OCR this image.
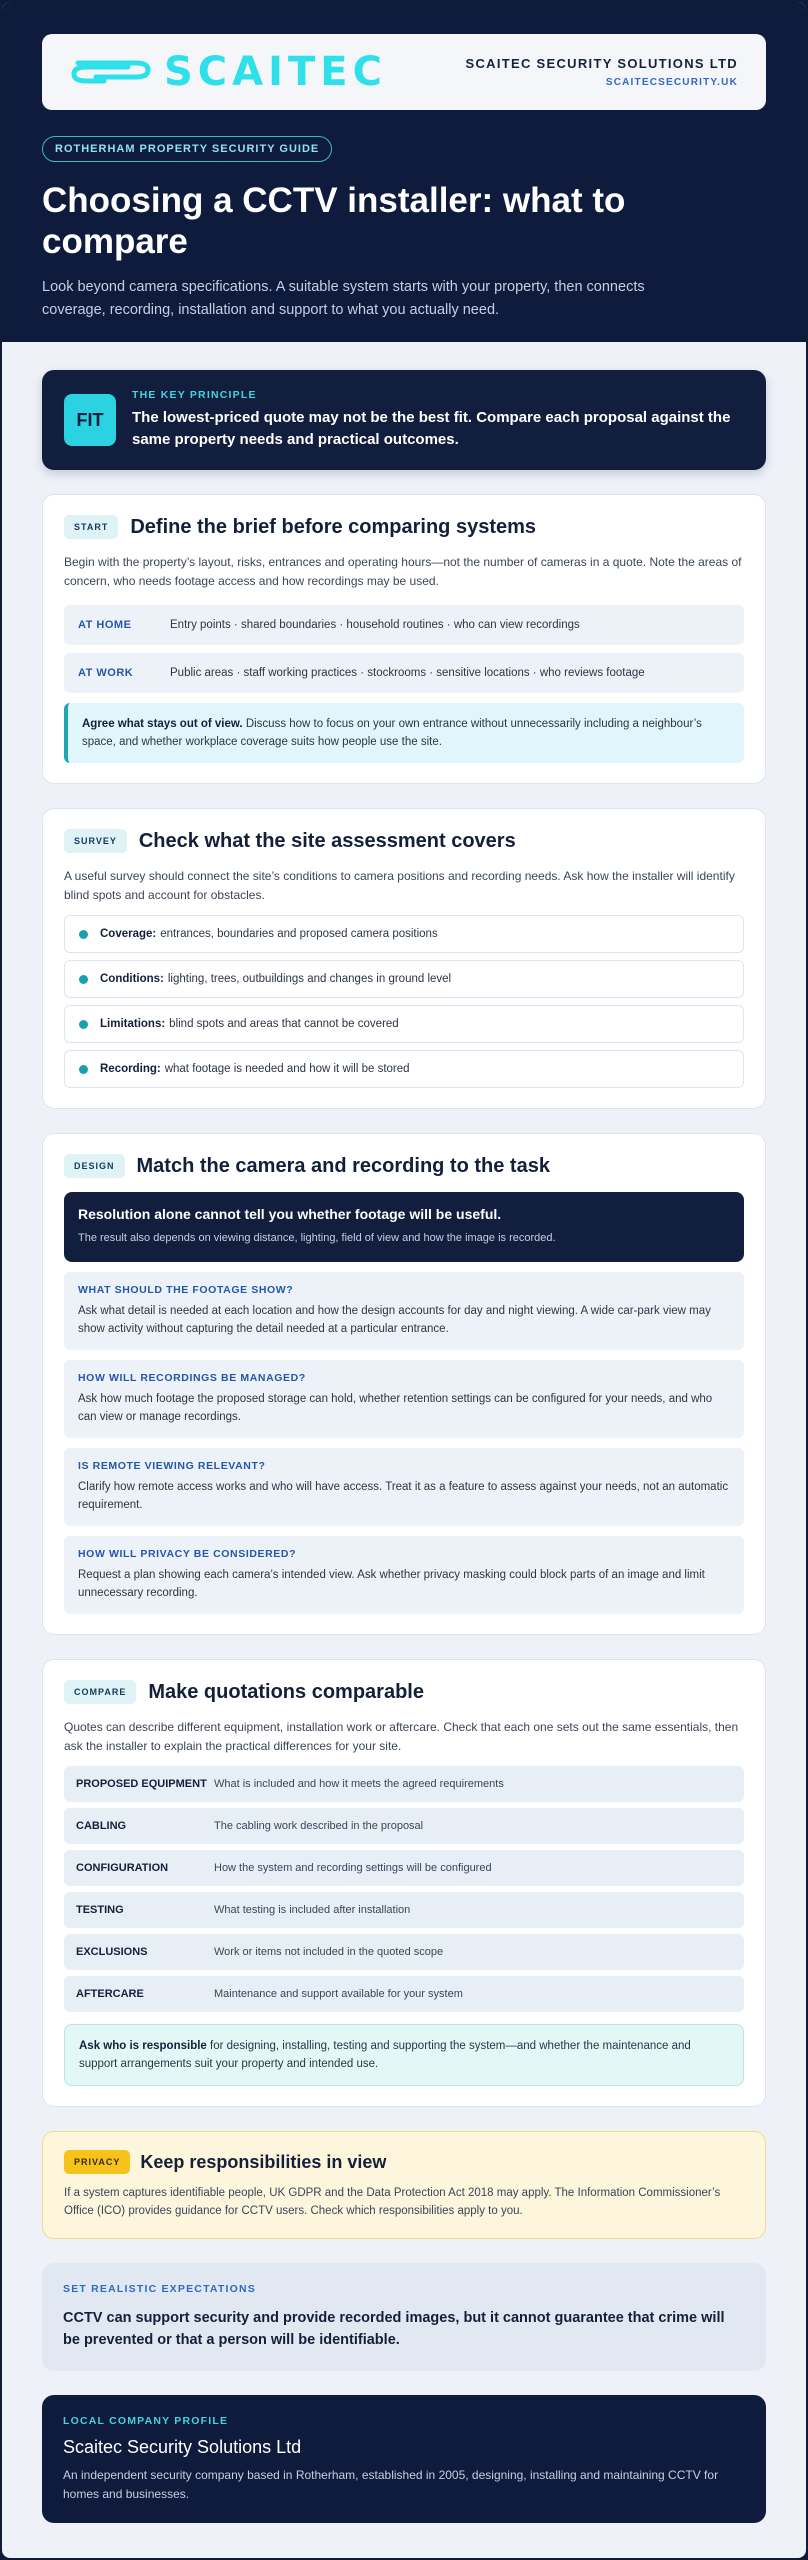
SCAITEC	SCAITEC SECURITY SOLUTIONS LTD
SCAITECSECURITY.UK
ROTHERHAM PROPERTY SECURITY GUIDE
Choosing a CCTV installer: what to compare

Look beyond camera specifications. A suitable system starts with your property, then connects coverage, recording, installation and support to what you actually need.

FIT
THE KEY PRINCIPLE
The lowest-priced quote may not be the best fit. Compare each proposal against the same property needs and practical outcomes.
START	Define the brief before comparing systems

Begin with the property’s layout, risks, entrances and operating hours—not the number of cameras in a quote. Note the areas of concern, who needs footage access and how recordings may be used.

AT HOME	Entry points · shared boundaries · household routines · who can view recordings
AT WORK	Public areas · staff working practices · stockrooms · sensitive locations · who reviews footage
Agree what stays out of view. Discuss how to focus on your own entrance without unnecessarily including a neighbour’s space, and whether workplace coverage suits how people use the site.
SURVEY	Check what the site assessment covers

A useful survey should connect the site’s conditions to camera positions and recording needs. Ask how the installer will identify blind spots and account for obstacles.

Coverage: entrances, boundaries and proposed camera positions
Conditions: lighting, trees, outbuildings and changes in ground level
Limitations: blind spots and areas that cannot be covered
Recording: what footage is needed and how it will be stored
DESIGN	Match the camera and recording to the task
Resolution alone cannot tell you whether footage will be useful.
The result also depends on viewing distance, lighting, field of view and how the image is recorded.
WHAT SHOULD THE FOOTAGE SHOW?
Ask what detail is needed at each location and how the design accounts for day and night viewing. A wide car-park view may show activity without capturing the detail needed at a particular entrance.
HOW WILL RECORDINGS BE MANAGED?
Ask how much footage the proposed storage can hold, whether retention settings can be configured for your needs, and who can view or manage recordings.
IS REMOTE VIEWING RELEVANT?
Clarify how remote access works and who will have access. Treat it as a feature to assess against your needs, not an automatic requirement.
HOW WILL PRIVACY BE CONSIDERED?
Request a plan showing each camera’s intended view. Ask whether privacy masking could block parts of an image and limit unnecessary recording.
COMPARE	Make quotations comparable

Quotes can describe different equipment, installation work or aftercare. Check that each one sets out the same essentials, then ask the installer to explain the practical differences for your site.

PROPOSED EQUIPMENT What is included and how it meets the agreed requirements
CABLING	The cabling work described in the proposal
CONFIGURATION	How the system and recording settings will be configured
TESTING	What testing is included after installation
EXCLUSIONS	Work or items not included in the quoted scope
AFTERCARE	Maintenance and support available for your system
Ask who is responsible for designing, installing, testing and supporting the system—and whether the maintenance and support arrangements suit your property and intended use.
PRIVACY	Keep responsibilities in view

If a system captures identifiable people, UK GDPR and the Data Protection Act 2018 may apply. The Information Commissioner’s Office (ICO) provides guidance for CCTV users. Check which responsibilities apply to you.

SET REALISTIC EXPECTATIONS
CCTV can support security and provide recorded images, but it cannot guarantee that crime will be prevented or that a person will be identifiable.
LOCAL COMPANY PROFILE
Scaitec Security Solutions Ltd
An independent security company based in Rotherham, established in 2005, designing, installing and maintaining CCTV for homes and businesses.
